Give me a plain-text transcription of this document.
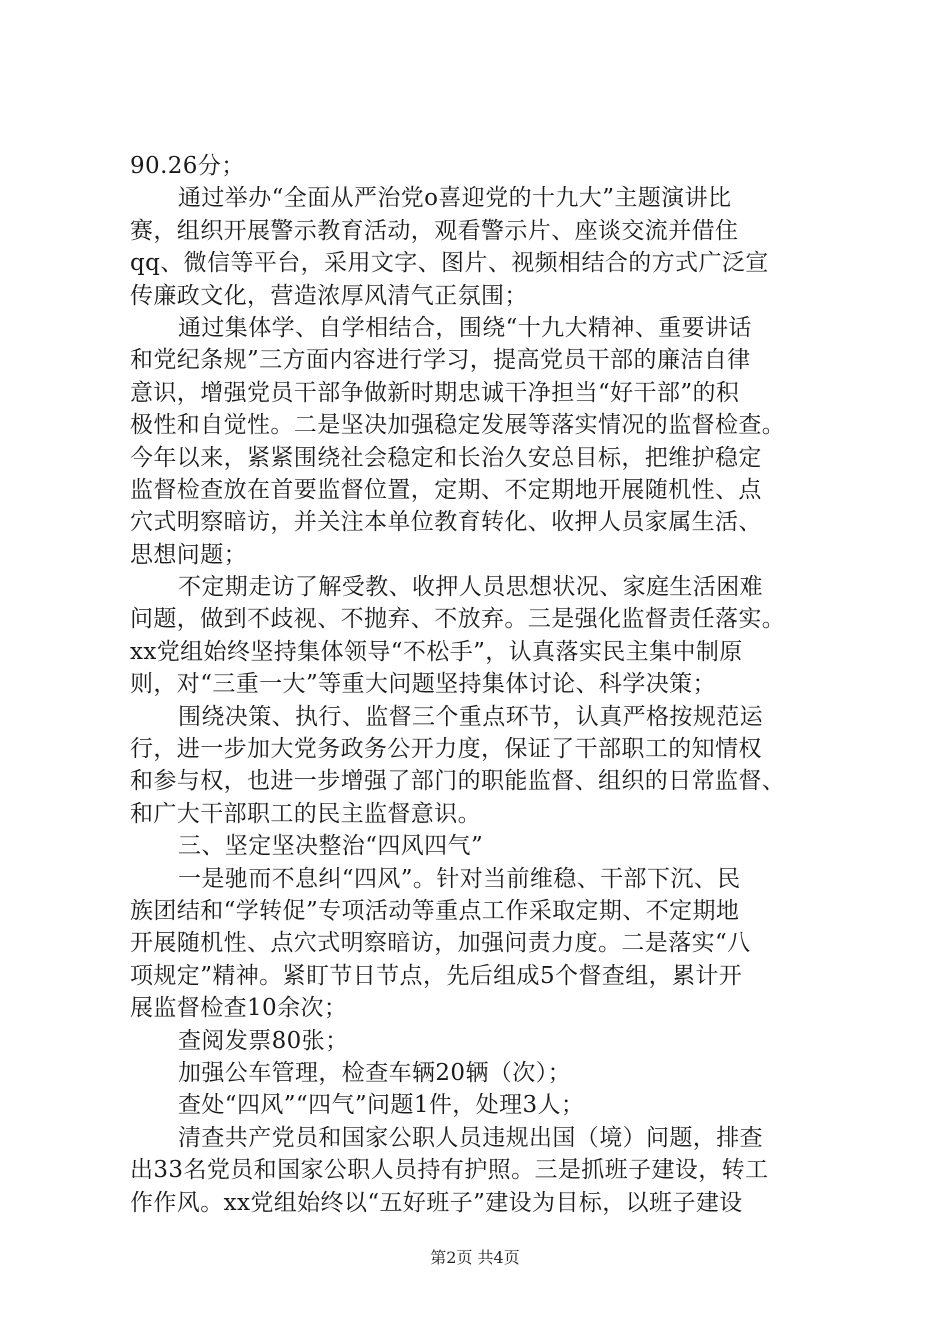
90.26分；
通过举办“全面从严治党ο喜迎党的十九大”主题演讲比
赛，组织开展警示教育活动，观看警示片、座谈交流并借住
qq、微信等平台，采用文字、图片、视频相结合的方式广泛宣
传廉政文化，营造浓厚风清气正氛围；
通过集体学、自学相结合，围绕“十九大精神、重要讲话
和党纪条规”三方面内容进行学习，提高党员干部的廉洁自律
意识，增强党员干部争做新时期忠诚干净担当“好干部”的积
极性和自觉性。二是坚决加强稳定发展等落实情况的监督检查。
今年以来，紧紧围绕社会稳定和长治久安总目标，把维护稳定
监督检查放在首要监督位置，定期、不定期地开展随机性、点
穴式明察暗访，并关注本单位教育转化、收押人员家属生活、
思想问题；
不定期走访了解受教、收押人员思想状况、家庭生活困难
问题，做到不歧视、不抛弃、不放弃。三是强化监督责任落实。
xx党组始终坚持集体领导“不松手”，认真落实民主集中制原
则，对“三重一大”等重大问题坚持集体讨论、科学决策；
围绕决策、执行、监督三个重点环节，认真严格按规范运
行，进一步加大党务政务公开力度，保证了干部职工的知情权
和参与权，也进一步增强了部门的职能监督、组织的日常监督、
和广大干部职工的民主监督意识。
三、坚定坚决整治“四风四气”
一是驰而不息纠“四风”。针对当前维稳、干部下沉、民
族团结和“学转促”专项活动等重点工作采取定期、不定期地
开展随机性、点穴式明察暗访，加强问责力度。二是落实“八
项规定”精神。紧盯节日节点，先后组成5个督查组，累计开
展监督检查10余次；
查阅发票80张；
加强公车管理，检查车辆20辆（次）；
查处“四风”“四气”问题1件，处理3人；
清查共产党员和国家公职人员违规出国（境）问题，排查
出33名党员和国家公职人员持有护照。三是抓班子建设，转工
作作风。xx党组始终以“五好班子”建设为目标，以班子建设
第2页 共4页
